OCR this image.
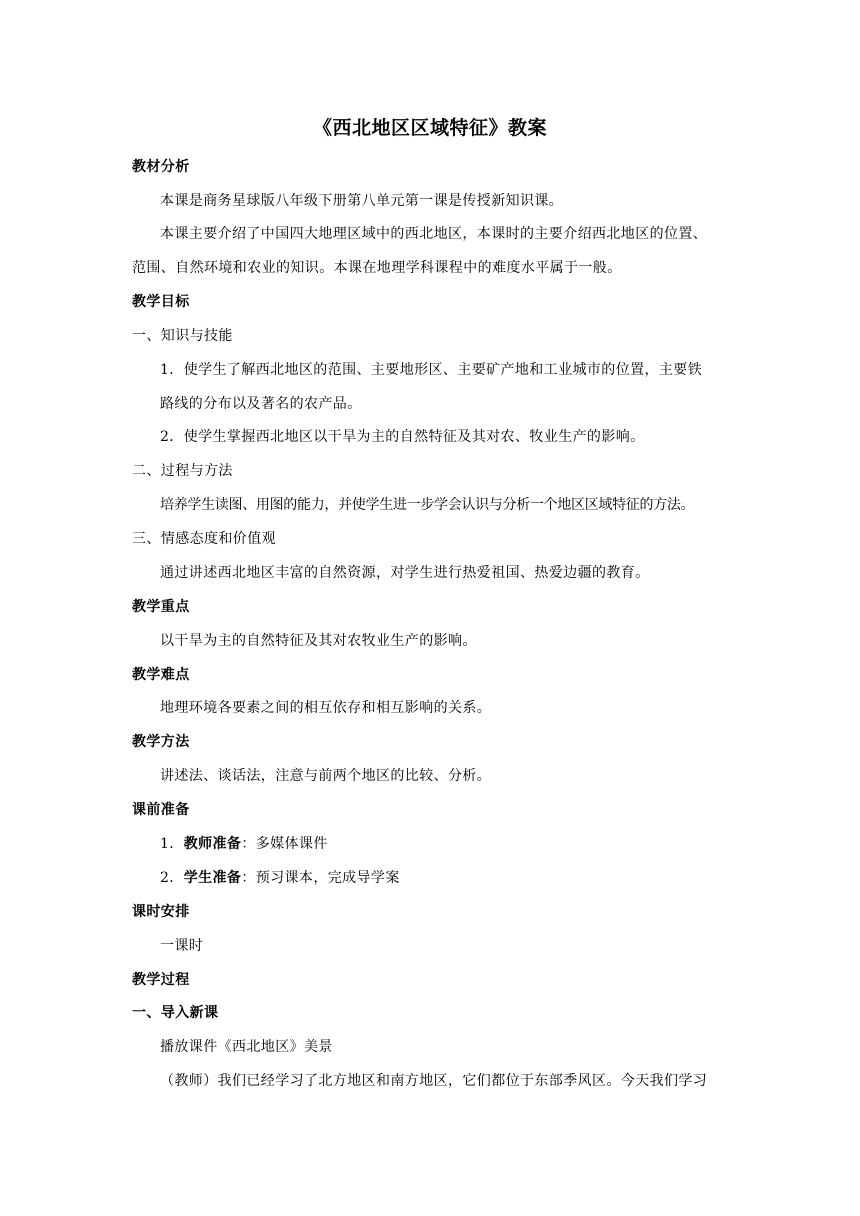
《西北地区区域特征》教案
教材分析
本课是商务星球版八年级下册第八单元第一课是传授新知识课。
本课主要介绍了中国四大地理区域中的西北地区，本课时的主要介绍西北地区的位置、
范围、自然环境和农业的知识。本课在地理学科课程中的难度水平属于一般。
教学目标
一、知识与技能
1．使学生了解西北地区的范围、主要地形区、主要矿产地和工业城市的位置，主要铁
路线的分布以及著名的农产品。
2．使学生掌握西北地区以干旱为主的自然特征及其对农、牧业生产的影响。
二、过程与方法
培养学生读图、用图的能力，并使学生进一步学会认识与分析一个地区区域特征的方法。
三、情感态度和价值观
通过讲述西北地区丰富的自然资源，对学生进行热爱祖国、热爱边疆的教育。
教学重点
以干旱为主的自然特征及其对农牧业生产的影响。
教学难点
地理环境各要素之间的相互依存和相互影响的关系。
教学方法
讲述法、谈话法，注意与前两个地区的比较、分析。
课前准备
1．教师准备：多媒体课件
2．学生准备：预习课本，完成导学案
课时安排
一课时
教学过程
一、导入新课
播放课件《西北地区》美景
（教师）我们已经学习了北方地区和南方地区，它们都位于东部季风区。今天我们学习
